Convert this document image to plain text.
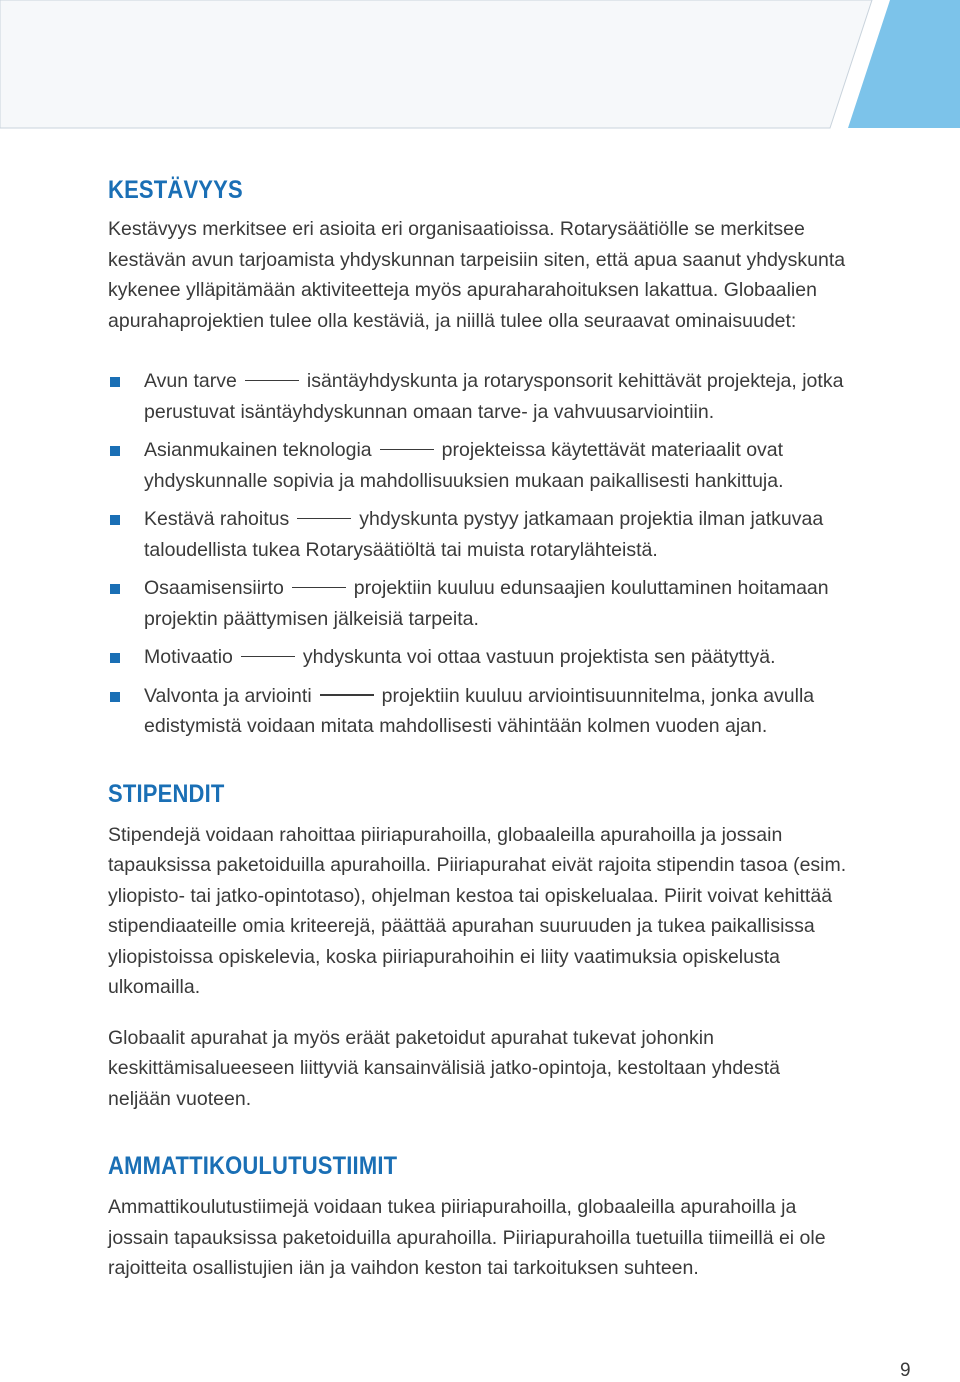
KESTÄVYYS

Kestävyys merkitsee eri asioita eri organisaatioissa. Rotarysäätiölle se merkitsee kestävän avun tarjoamista yhdyskunnan tarpeisiin siten, että apua saanut yhdyskunta kykenee ylläpitämään aktiviteetteja myös apuraharahoituksen lakattua. Globaalien apurahaprojektien tulee olla kestäviä, ja niillä tulee olla seuraavat ominaisuudet:

Avun tarve	isäntäyhdyskunta ja rotarysponsorit kehittävät projekteja, jotka perustuvat isäntäyhdyskunnan omaan tarve- ja vahvuusarviointiin.
Asianmukainen teknologia	projekteissa käytettävät materiaalit ovat yhdyskunnalle sopivia ja mahdollisuuksien mukaan paikallisesti hankittuja.
Kestävä rahoitus	yhdyskunta pystyy jatkamaan projektia ilman jatkuvaa taloudellista tukea Rotarysäätiöltä tai muista rotarylähteistä.
Osaamisensiirto	projektiin kuuluu edunsaajien kouluttaminen hoitamaan projektin päättymisen jälkeisiä tarpeita.
Motivaatio	yhdyskunta voi ottaa vastuun projektista sen päätyttyä.
Valvonta ja arviointi	projektiin kuuluu arviointisuunnitelma, jonka avulla edistymistä voidaan mitata mahdollisesti vähintään kolmen vuoden ajan.
STIPENDIT

Stipendejä voidaan rahoittaa piiriapurahoilla, globaaleilla apurahoilla ja jossain tapauksissa paketoiduilla apurahoilla. Piiriapurahat eivät rajoita stipendin tasoa (esim. yliopisto- tai jatko-opintotaso), ohjelman kestoa tai opiskelualaa. Piirit voivat kehittää stipendiaateille omia kriteerejä, päättää apurahan suuruuden ja tukea paikallisissa yliopistoissa opiskelevia, koska piiriapurahoihin ei liity vaatimuksia opiskelusta ulkomailla.

Globaalit apurahat ja myös eräät paketoidut apurahat tukevat johonkin keskittämisalueeseen liittyviä kansainvälisiä jatko-opintoja, kestoltaan yhdestä neljään vuoteen.

AMMATTIKOULUTUSTIIMIT

Ammattikoulutustiimejä voidaan tukea piiriapurahoilla, globaaleilla apurahoilla ja jossain tapauksissa paketoiduilla apurahoilla. Piiriapurahoilla tuetuilla tiimeillä ei ole rajoitteita osallistujien iän ja vaihdon keston tai tarkoituksen suhteen.

9
